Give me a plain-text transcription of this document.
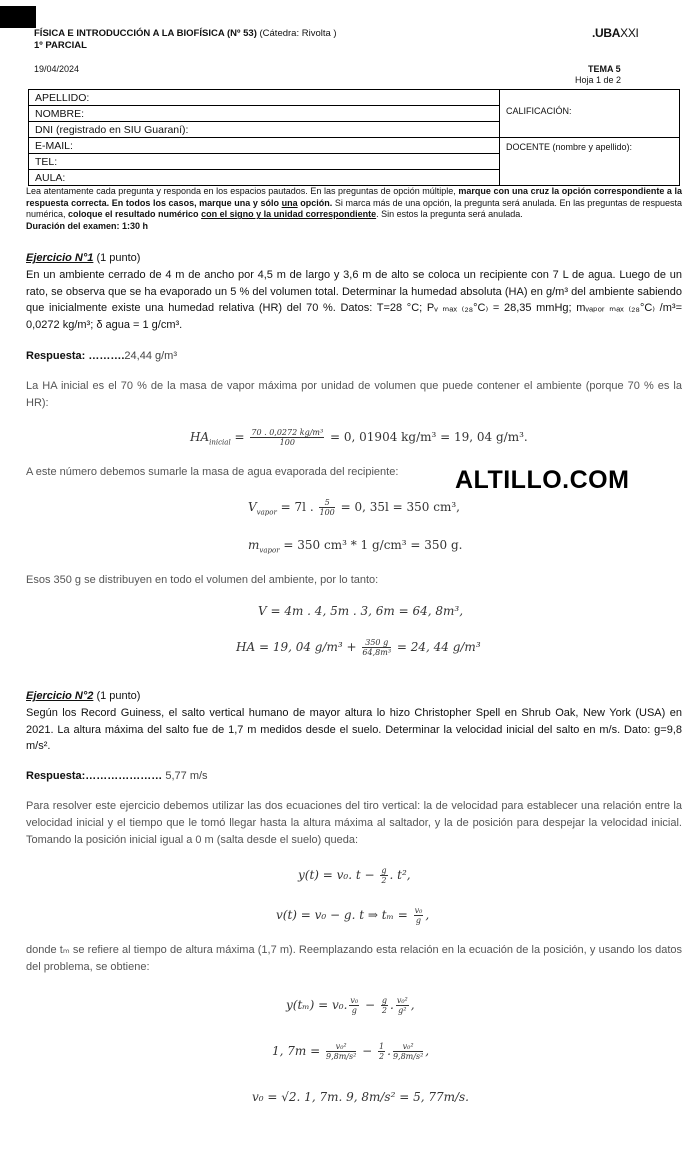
FÍSICA E INTRODUCCIÓN A LA BIOFÍSICA (Nº 53) (Cátedra: Rivolta )
1º PARCIAL
.UBAXXI
19/04/2024	TEMA 5
Hoja 1 de 2
APELLIDO:	CALIFICACIÓN:

NOMBRE:	
DNI (registrado en SIU Guaraní):	
E-MAIL:	DOCENTE (nombre y apellido):
TEL:	
AULA:	
Lea atentamente cada pregunta y responda en los espacios pautados. En las preguntas de opción múltiple, marque con una cruz la opción correspondiente a la respuesta correcta. En todos los casos, marque una y sólo una opción. Si marca más de una opción, la pregunta será anulada. En las preguntas de respuesta numérica, coloque el resultado numérico con el signo y la unidad correspondiente. Sin estos la pregunta será anulada.
Duración del examen: 1:30 h
Ejercicio N°1 (1 punto)
En un ambiente cerrado de 4 m de ancho por 4,5 m de largo y 3,6 m de alto se coloca un recipiente con 7 L de agua. Luego de un rato, se observa que se ha evaporado un 5 % del volumen total. Determinar la humedad absoluta (HA) en g/m³ del ambiente sabiendo que inicialmente existe una humedad relativa (HR) del 70 %. Datos: T=28 °C; Pᵥ ₘₐₓ ₍₂₈°C₎ = 28,35 mmHg; mᵥₐₚₒᵣ ₘₐₓ ₍₂₈°C₎ /m³= 0,0272 kg/m³; δ agua = 1 g/cm³.
Respuesta: ……….24,44 g/m³
La HA inicial es el 70 % de la masa de vapor máxima por unidad de volumen que puede contener el ambiente (porque 70 % es la HR):
$HA_{inicial} = \frac{\text{70 . 0,0272 kg/m³}}{100} = 0$, 01904 kg/m³ = 19, 04 g/m³.
A este número debemos sumarle la masa de agua evaporada del recipiente:	ALTILLO.COM
$V_{vapor} = 7l$ . $\frac{5}{100} = 0$, 35l = 350 cm³,
$m_{vapor} = 350$ cm³ * 1 g/cm³ = 350 g.
Esos 350 g se distribuyen en todo el volumen del ambiente, por lo tanto:
V = 4m . 4, 5m . 3, 6m = 64, 8m³,
HA = 19, 04 $g/m^3 + \frac{350 g}{\text{64,8m³}} = 24$, 44 g/m³
Ejercicio N°2 (1 punto)
Según los Record Guiness, el salto vertical humano de mayor altura lo hizo Christopher Spell en Shrub Oak, New York (USA) en 2021. La altura máxima del salto fue de 1,7 m medidos desde el suelo. Determinar la velocidad inicial del salto en m/s. Dato: g=9,8 m/s².
Respuesta:………………… 5,77 m/s
Para resolver este ejercicio debemos utilizar las dos ecuaciones del tiro vertical: la de velocidad para establecer una relación entre la velocidad inicial y el tiempo que le tomó llegar hasta la altura máxima al saltador, y la de posición para despejar la velocidad inicial. Tomando la posición inicial igual a 0 m (salta desde el suelo) queda:
y(t) = v₀. $t - \frac{g}{2}$ . t²,
v(t) = v₀ − g. t ⇒ $t_m = \frac{\text{v₀}}{g}$ ,
donde tₘ se refiere al tiempo de altura máxima (1,7 m). Reemplazando esta relación en la ecuación de la posición, y usando los datos del problema, se obtiene:
y(tₘ) = v₀. $\frac{\text{v₀}}{g} - \frac{g}{2}$ . $\frac{\text{v₀²}}{\text{g²}}$ ,
1, $7m = \frac{\text{v₀²}}{\text{9,8m/s²}} - \frac{1}{2}$ . $\frac{\text{v₀²}}{\text{9,8m/s²}}$ ,
v₀ = √2. 1, 7m. 9, 8m/s² = 5, 77m/s.
